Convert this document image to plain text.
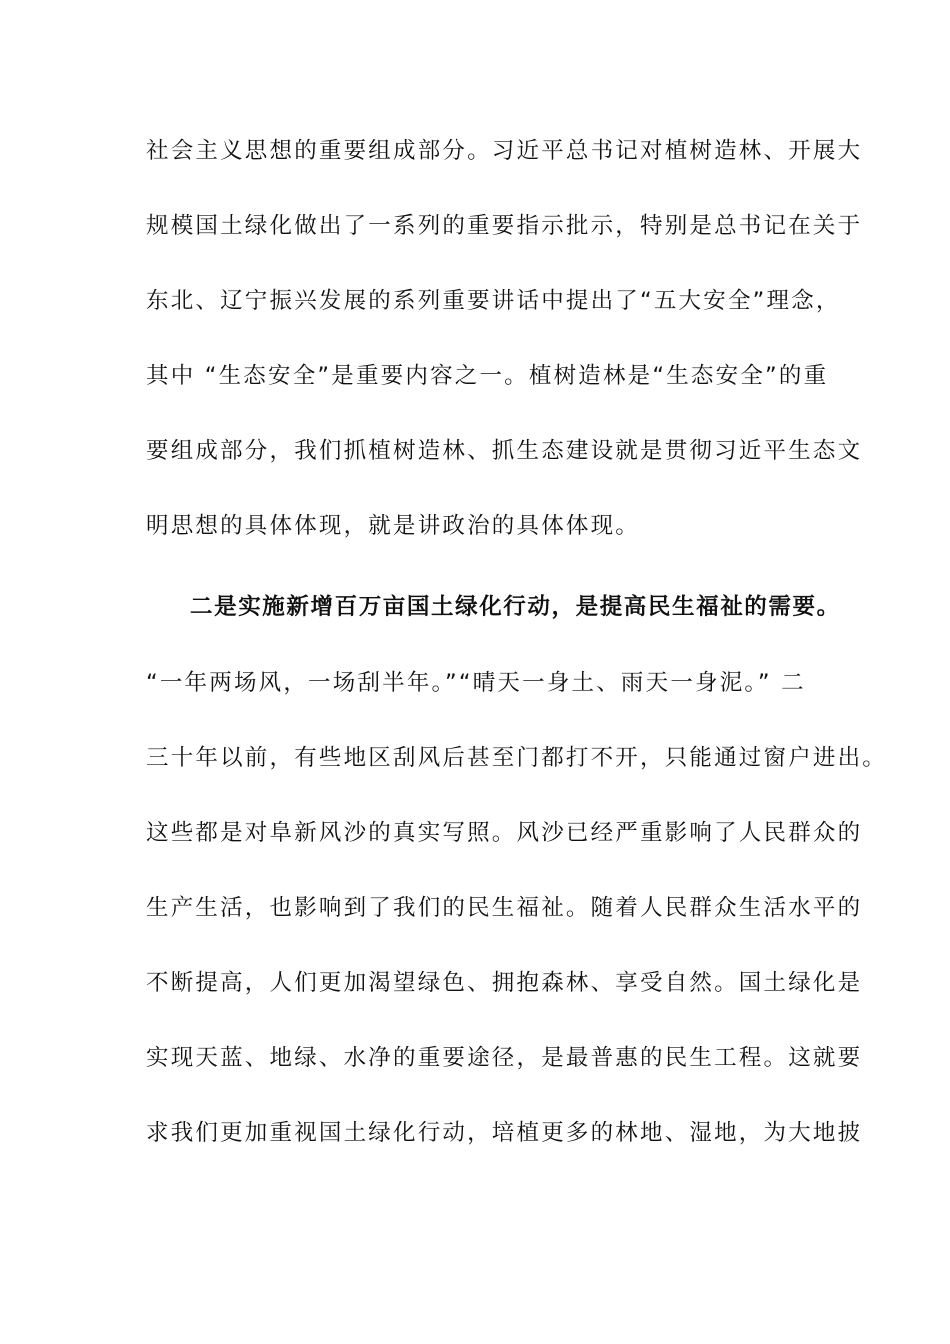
社会主义思想的重要组成部分。习近平总书记对植树造林、开展大
规模国土绿化做出了一系列的重要指示批示，特别是总书记在关于
东北、辽宁振兴发展的系列重要讲话中提出了“五大安全”理念，
其中 “生态安全”是重要内容之一。植树造林是“生态安全”的重
要组成部分，我们抓植树造林、抓生态建设就是贯彻习近平生态文
明思想的具体体现，就是讲政治的具体体现。
二是实施新增百万亩国土绿化行动，是提高民生福祉的需要。
“一年两场风，一场刮半年。”“晴天一身土、雨天一身泥。” 二
三十年以前，有些地区刮风后甚至门都打不开，只能通过窗户进出。
这些都是对阜新风沙的真实写照。风沙已经严重影响了人民群众的
生产生活，也影响到了我们的民生福祉。随着人民群众生活水平的
不断提高，人们更加渴望绿色、拥抱森林、享受自然。国土绿化是
实现天蓝、地绿、水净的重要途径，是最普惠的民生工程。这就要
求我们更加重视国土绿化行动，培植更多的林地、湿地，为大地披
